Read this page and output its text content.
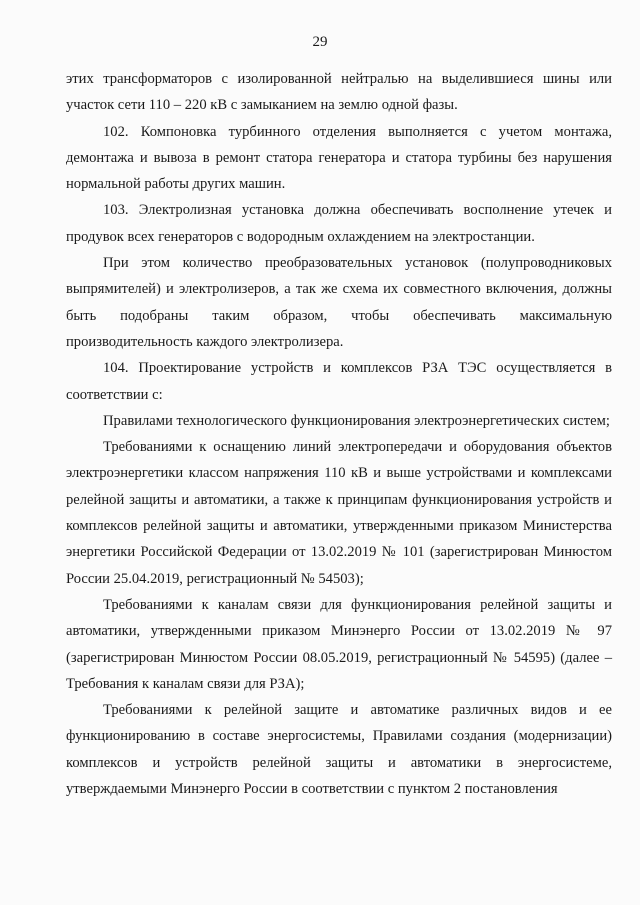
29

этих трансформаторов с изолированной нейтралью на выделившиеся шины или участок сети 110 – 220 кВ с замыканием на землю одной фазы.

102. Компоновка турбинного отделения выполняется с учетом монтажа, демонтажа и вывоза в ремонт статора генератора и статора турбины без нарушения нормальной работы других машин.

103. Электролизная установка должна обеспечивать восполнение утечек и продувок всех генераторов с водородным охлаждением на электростанции.

При этом количество преобразовательных установок (полупроводниковых выпрямителей) и электролизеров, а так же схема их совместного включения, должны быть подобраны таким образом, чтобы обеспечивать максимальную производительность каждого электролизера.

104. Проектирование устройств и комплексов РЗА ТЭС осуществляется в соответствии с:

Правилами технологического функционирования электроэнергетических систем;

Требованиями к оснащению линий электропередачи и оборудования объектов электроэнергетики классом напряжения 110 кВ и выше устройствами и комплексами релейной защиты и автоматики, а также к принципам функционирования устройств и комплексов релейной защиты и автоматики, утвержденными приказом Министерства энергетики Российской Федерации от 13.02.2019 № 101 (зарегистрирован Минюстом России 25.04.2019, регистрационный № 54503);

Требованиями к каналам связи для функционирования релейной защиты и автоматики, утвержденными приказом Минэнерго России от 13.02.2019 № 97 (зарегистрирован Минюстом России 08.05.2019, регистрационный № 54595) (далее – Требования к каналам связи для РЗА);

Требованиями к релейной защите и автоматике различных видов и ее функционированию в составе энергосистемы, Правилами создания (модернизации) комплексов и устройств релейной защиты и автоматики в энергосистеме, утверждаемыми Минэнерго России в соответствии с пунктом 2 постановления
